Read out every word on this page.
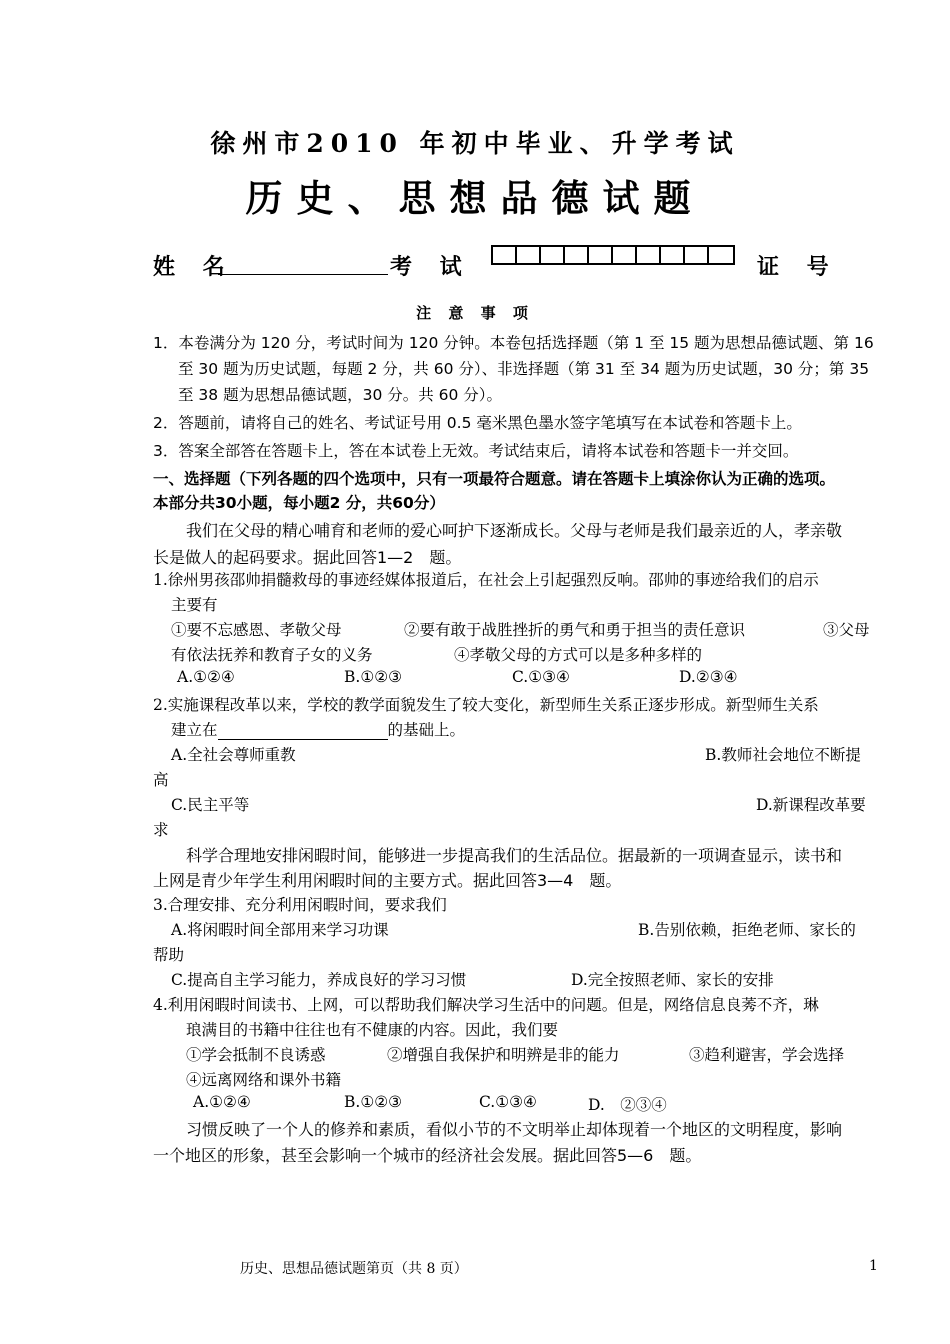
徐州市2010 年初中毕业、升学考试
历史、思想品德试题
姓 名	考 试	证 号
注 意 事 项
1．本卷满分为 120 分，考试时间为 120 分钟。本卷包括选择题（第 1 至 15 题为思想品德试题、第 16
至 30 题为历史试题，每题 2 分，共 60 分）、非选择题（第 31 至 34 题为历史试题，30 分；第 35
至 38 题为思想品德试题，30 分。共 60 分）。
2．答题前，请将自己的姓名、考试证号用 0.5 毫米黑色墨水签字笔填写在本试卷和答题卡上。
3．答案全部答在答题卡上，答在本试卷上无效。考试结束后，请将本试卷和答题卡一并交回。
一、选择题（下列各题的四个选项中，只有一项最符合题意。请在答题卡上填涂你认为正确的选项。
本部分共30小题，每小题2 分，共60分）
我们在父母的精心哺育和老师的爱心呵护下逐渐成长。父母与老师是我们最亲近的人，孝亲敬
长是做人的起码要求。据此回答1—2　题。
1.徐州男孩邵帅捐髓救母的事迹经媒体报道后，在社会上引起强烈反响。邵帅的事迹给我们的启示
主要有
①要不忘感恩、孝敬父母	②要有敢于战胜挫折的勇气和勇于担当的责任意识	③父母
有依法抚养和教育子女的义务	④孝敬父母的方式可以是多种多样的
A.①②④	B.①②③	C.①③④	D.②③④
2.实施课程改革以来，学校的教学面貌发生了较大变化，新型师生关系正逐步形成。新型师生关系
建立在	的基础上。
A.全社会尊师重教	B.教师社会地位不断提
高
C.民主平等	D.新课程改革要
求
科学合理地安排闲暇时间，能够进一步提高我们的生活品位。据最新的一项调查显示，读书和
上网是青少年学生利用闲暇时间的主要方式。据此回答3—4　题。
3.合理安排、充分利用闲暇时间，要求我们
A.将闲暇时间全部用来学习功课	B.告别依赖，拒绝老师、家长的
帮助
C.提高自主学习能力，养成良好的学习习惯	D.完全按照老师、家长的安排
4.利用闲暇时间读书、上网，可以帮助我们解决学习生活中的问题。但是，网络信息良莠不齐，琳
琅满目的书籍中往往也有不健康的内容。因此，我们要
①学会抵制不良诱惑	②增强自我保护和明辨是非的能力	③趋利避害，学会选择
④远离网络和课外书籍
A.①②④	B.①②③	C.①③④	D.　②③④
习惯反映了一个人的修养和素质，看似小节的不文明举止却体现着一个地区的文明程度，影响
一个地区的形象，甚至会影响一个城市的经济社会发展。据此回答5—6　题。
历史、思想品德试题第页（共 8 页）	1
